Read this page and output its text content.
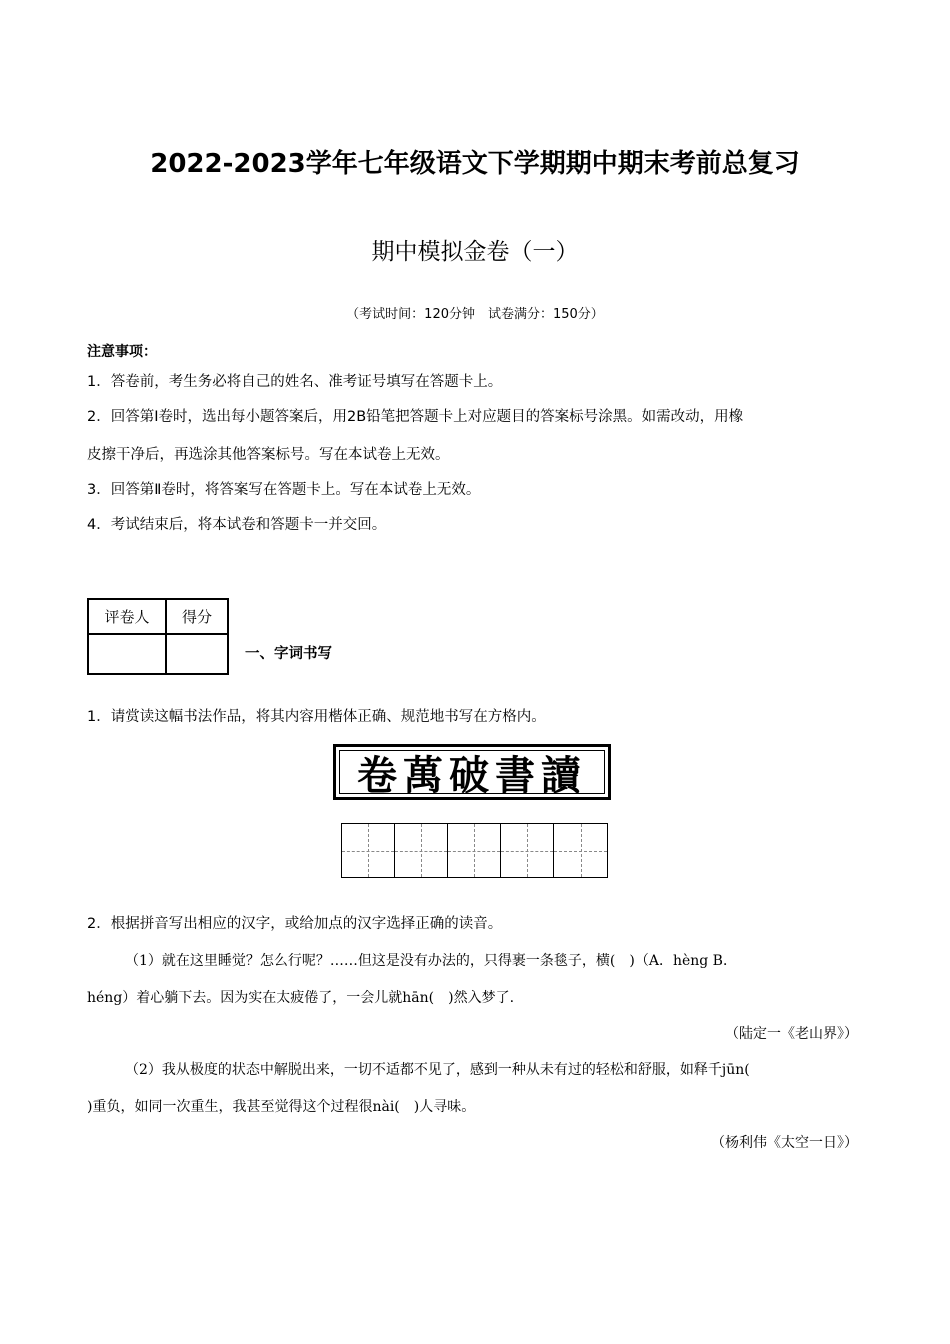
2022-2023学年七年级语文下学期期中期末考前总复习
期中模拟金卷（一）
（考试时间：120分钟　试卷满分：150分）
注意事项：
1．答卷前，考生务必将自己的姓名、准考证号填写在答题卡上。
2．回答第Ⅰ卷时，选出每小题答案后，用2B铅笔把答题卡上对应题目的答案标号涂黑。如需改动，用橡
皮擦干净后，再选涂其他答案标号。写在本试卷上无效。
3．回答第Ⅱ卷时，将答案写在答题卡上。写在本试卷上无效。
4．考试结束后，将本试卷和答题卡一并交回。
评卷人	得分

一、字词书写
1．请赏读这幅书法作品，将其内容用楷体正确、规范地书写在方格内。
卷萬破書讀
2．根据拼音写出相应的汉字，或给加点的汉字选择正确的读音。
（1）就在这里睡觉？怎么行呢？……但这是没有办法的，只得裹一条毯子，横(　)（A．hèng B．
héng）着心躺下去。因为实在太疲倦了，一会儿就hān(　)然入梦了.
（陆定一《老山界》）
（2）我从极度的状态中解脱出来，一切不适都不见了，感到一种从未有过的轻松和舒服，如释千jūn(
)重负，如同一次重生，我甚至觉得这个过程很nài(　)人寻味。
（杨利伟《太空一日》）
